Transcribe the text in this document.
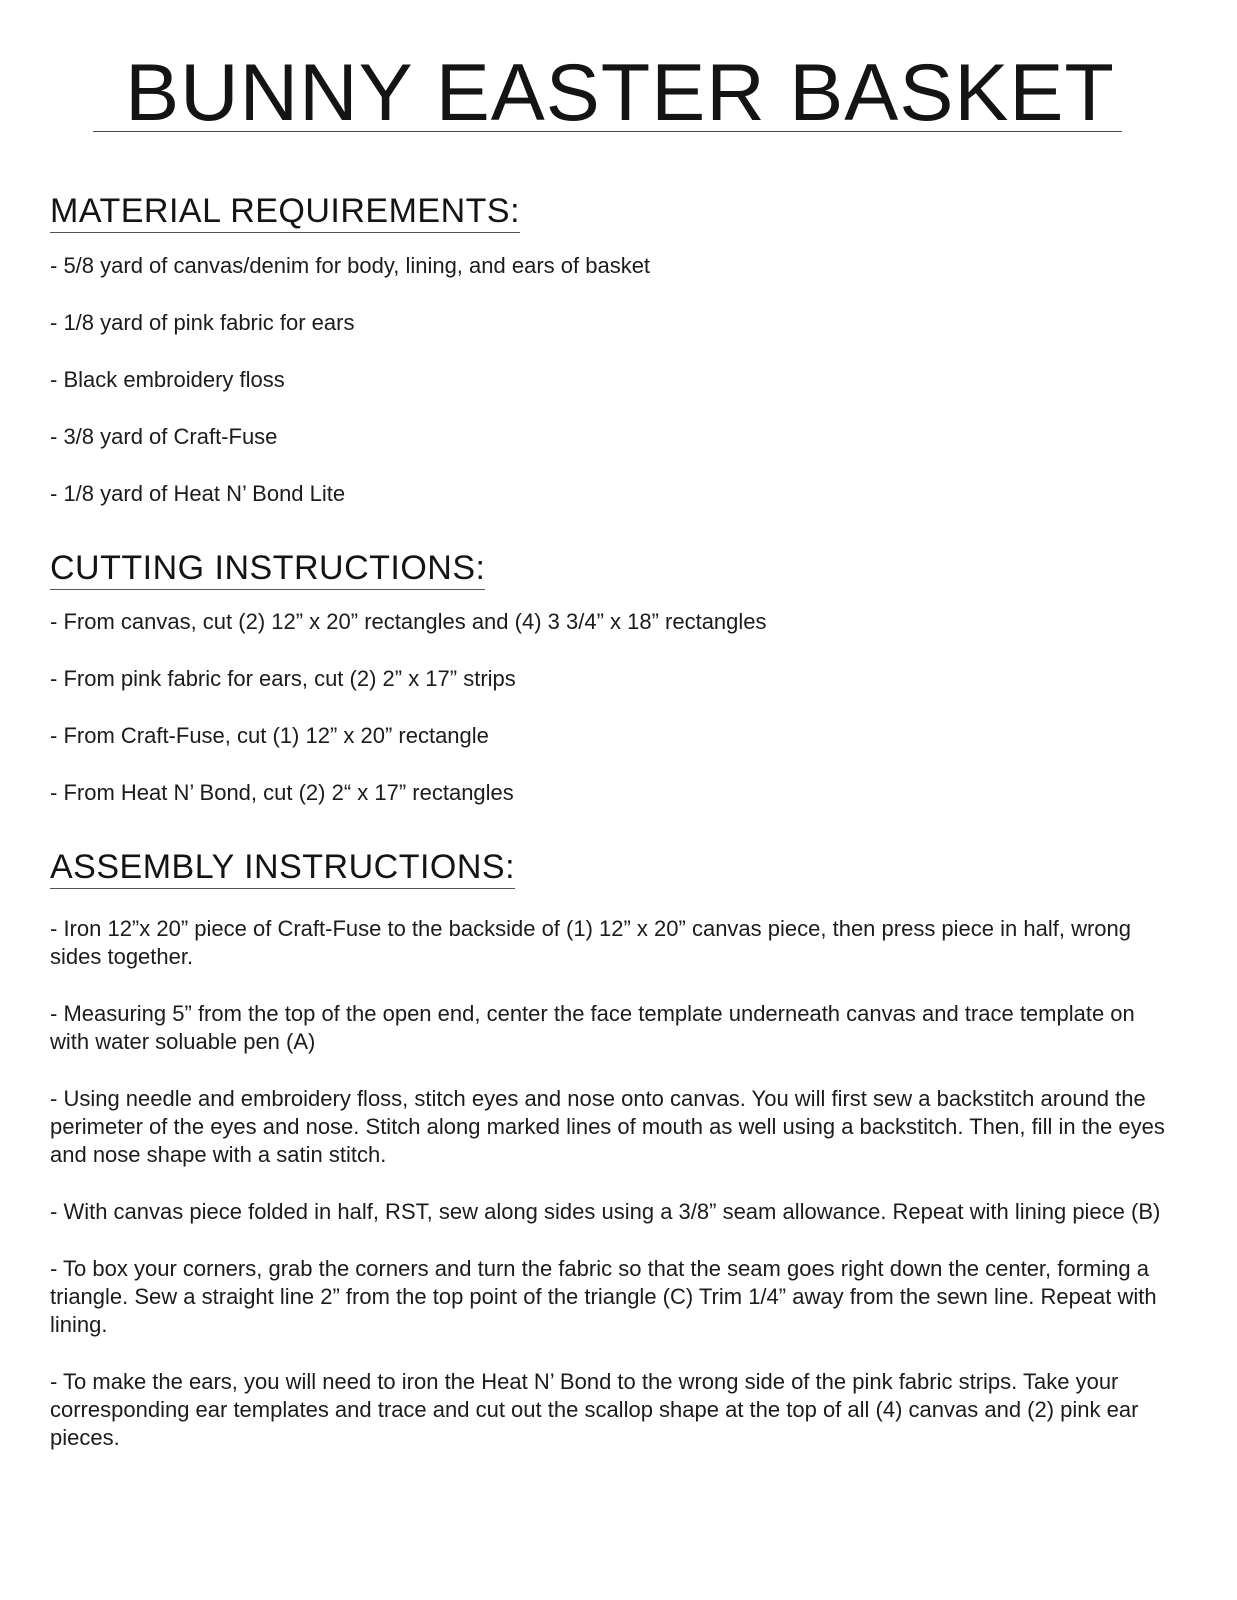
BUNNY EASTER BASKET
MATERIAL REQUIREMENTS:
- 5/8 yard of canvas/denim for body, lining, and ears of basket
- 1/8 yard of pink fabric for ears
- Black embroidery floss
- 3/8 yard of Craft-Fuse
- 1/8 yard of Heat N’ Bond Lite
CUTTING INSTRUCTIONS:
- From canvas, cut (2) 12” x 20” rectangles and (4) 3 3/4” x 18” rectangles
- From pink fabric for ears, cut (2) 2” x 17” strips
- From Craft-Fuse, cut (1) 12” x 20” rectangle
- From Heat N’ Bond, cut (2) 2“ x 17” rectangles
ASSEMBLY INSTRUCTIONS:
- Iron 12”x 20” piece of Craft-Fuse to the backside of (1) 12” x 20” canvas piece, then press piece in half, wrong sides together.
- Measuring 5” from the top of the open end, center the face template underneath canvas and trace template on with water soluable pen (A)
- Using needle and embroidery floss, stitch eyes and nose onto canvas. You will first sew a backstitch around the perimeter of the eyes and nose. Stitch along marked lines of mouth as well using a backstitch. Then, fill in the eyes and nose shape with a satin stitch.
- With canvas piece folded in half, RST, sew along sides using a 3/8” seam allowance. Repeat with lining piece (B)
- To box your corners, grab the corners and turn the fabric so that the seam goes right down the center, forming a triangle. Sew a straight line 2” from the top point of the triangle (C) Trim 1/4” away from the sewn line. Repeat with lining.
- To make the ears, you will need to iron the Heat N’ Bond to the wrong side of the pink fabric strips. Take your corresponding ear templates and trace and cut out the scallop shape at the top of all (4) canvas and (2) pink ear pieces.
